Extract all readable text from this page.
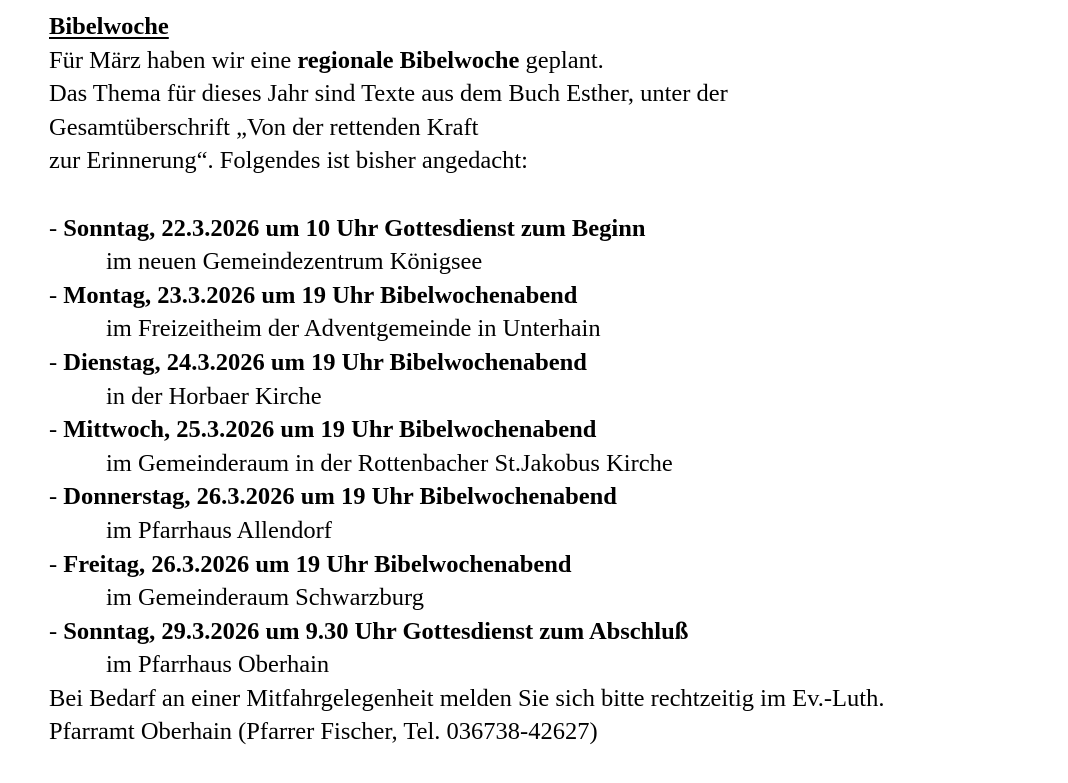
Bibelwoche
Für März haben wir eine regionale Bibelwoche geplant.
Das Thema für dieses Jahr sind Texte aus dem Buch Esther, unter der
Gesamtüberschrift „Von der rettenden Kraft
zur Erinnerung“. Folgendes ist bisher angedacht:
- Sonntag, 22.3.2026 um 10 Uhr Gottesdienst zum Beginn
im neuen Gemeindezentrum Königsee
- Montag, 23.3.2026 um 19 Uhr Bibelwochenabend
im Freizeitheim der Adventgemeinde in Unterhain
- Dienstag, 24.3.2026 um 19 Uhr Bibelwochenabend
in der Horbaer Kirche
- Mittwoch, 25.3.2026 um 19 Uhr Bibelwochenabend
im Gemeinderaum in der Rottenbacher St.Jakobus Kirche
- Donnerstag, 26.3.2026 um 19 Uhr Bibelwochenabend
im Pfarrhaus Allendorf
- Freitag, 26.3.2026 um 19 Uhr Bibelwochenabend
im Gemeinderaum Schwarzburg
- Sonntag, 29.3.2026 um 9.30 Uhr Gottesdienst zum Abschluß
im Pfarrhaus Oberhain
Bei Bedarf an einer Mitfahrgelegenheit melden Sie sich bitte rechtzeitig im Ev.-Luth.
Pfarramt Oberhain (Pfarrer Fischer, Tel. 036738-42627)
